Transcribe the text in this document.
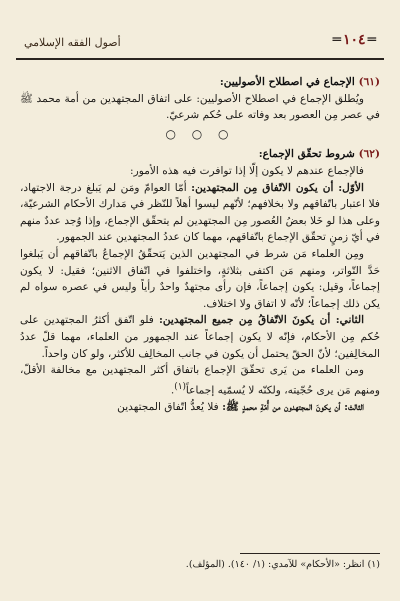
═١٠٤═
أصول الفقه الإسلامي

(٦١) الإجماع في اصطلاح الأصوليين:

ويُطلق الإجماع في اصطلاح الأصوليين: على اتفاق المجتهدين من أمة محمد ﷺ في عصر مِن العصور بعد وفاته على حُكم شرعيّ.

○ ○ ○

(٦٢) شروط تحقّق الإجماع:

فالإجماع عندهم لا يكون إلّا إذا توافرت فيه هذه الأمور:

الأوّل: أن يكون الاتّفاق مِن المجتهدين: أمّا العوامّ ومَن لم يَبلغ درجة الاجتهاد، فلا اعتبار باتّفاقهم ولا بخلافهم؛ لأنّهم ليسوا أهلاً للنّظر في مَدارك الأحكام الشرعيّة، وعلى هذا لو خَلا بعضُ العُصور مِن المجتهدين لم يتحقّق الإجماع، وإذا وُجد عددٌ منهم في أيّ زمنٍ تحقّق الإجماع باتّفاقهم، مهما كان عددُ المجتهدين عند الجمهور.

ومِن العلماء مَن شرط في المجتهدين الذين يَتحقّقُ الإجماعُ باتّفاقهم أن يَبلغوا حَدَّ التّواتر، ومنهم مَن اكتفى بثلاثةٍ، واختلفوا في اتّفاق الاثنين؛ فقيل: لا يكون إجماعاً، وقيل: يكون إجماعاً، فإن رأى مجتهدٌ واحدٌ رأياً وليس في عصره سواه لم يكن ذلك إجماعاً؛ لأنّه لا اتفاق ولا اختلاف.

الثاني: أن يكونَ الاتّفاقُ مِن جميع المجتهدين: فلو اتّفق أكثرُ المجتهدين على حُكم مِن الأحكام، فإنّه لا يكون إجماعاً عند الجمهور من العلماء، مهما قلّ عددُ المخالِفين؛ لأنّ الحقّ يحتمل أن يكون في جانب المخالِف للأكثر، ولو كان واحداً.

ومن العلماء من يَرى تحقّقَ الإجماع باتفاق أكثر المجتهدين مع مخالفة الأقلّ، ومنهم مَن يرى حُجّيته، ولكنّه لا يُسمّيه إجماعاً$^{(١)}$.

الثالث: أن يكونَ المجتهدون من أُمّةِ محمدٍ ﷺ: فلا يُعدُّ اتّفاق المجتهدين

(١) انظر: «الأحكام» للآمدي: (١/ ١٤٠). (المؤلف).
